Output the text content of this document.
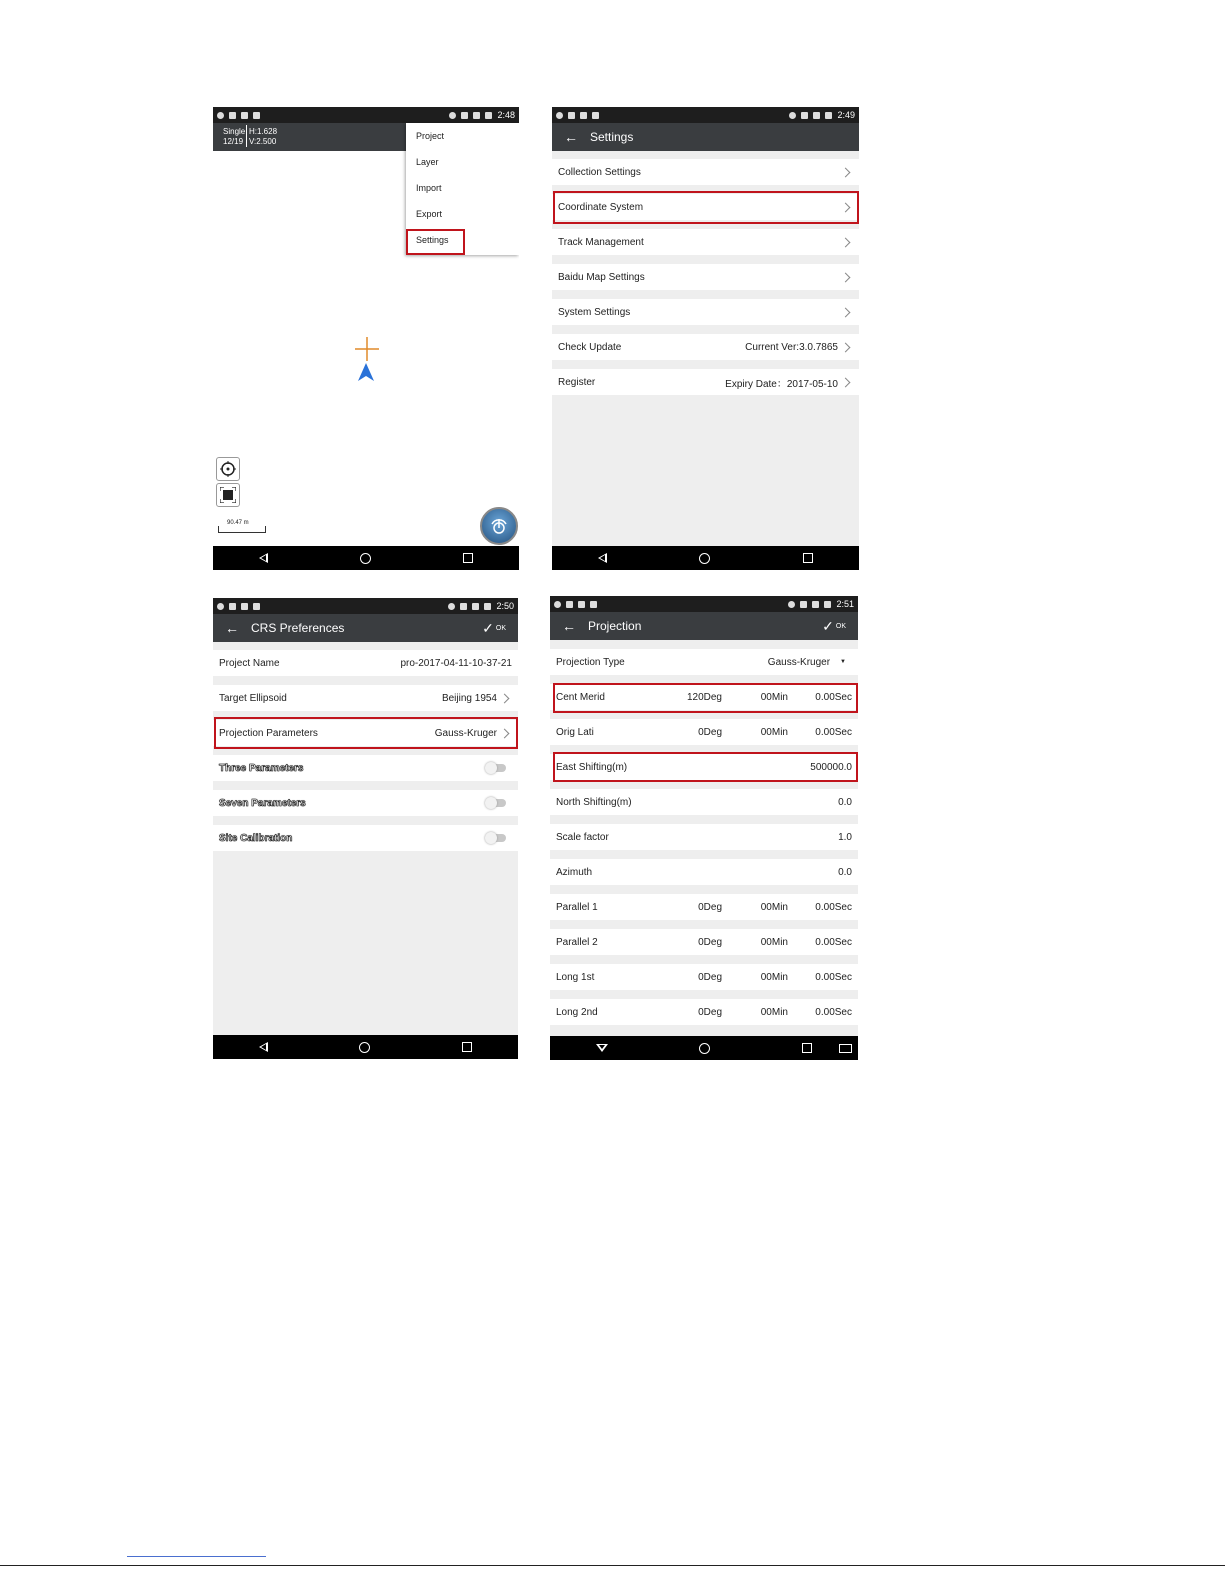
2:48
Single
12/19
H:1.628
V:2.500
90.47 m
Project
Layer
Import
Export
Settings
2:49
← Settings
Collection Settings
Coordinate System
Track Management
Baidu Map Settings
System Settings
Check Update	Current Ver:3.0.7865
Register	Expiry Date：2017-05-10
2:50
← CRS Preferences	✓ OK
Project Name	pro-2017-04-11-10-37-21
Target Ellipsoid	Beijing 1954
Projection Parameters	Gauss-Kruger
Three Parameters
Seven Parameters
Site Calibration
2:51
← Projection	✓ OK
Projection Type	Gauss-Kruger ▼
Cent Merid	120Deg	00Min	0.00Sec
Orig Lati	0Deg	00Min	0.00Sec
East Shifting(m)	500000.0
North Shifting(m)	0.0
Scale factor	1.0
Azimuth	0.0
Parallel 1	0Deg	00Min	0.00Sec
Parallel 2	0Deg	00Min	0.00Sec
Long 1st	0Deg	00Min	0.00Sec
Long 2nd	0Deg	00Min	0.00Sec
